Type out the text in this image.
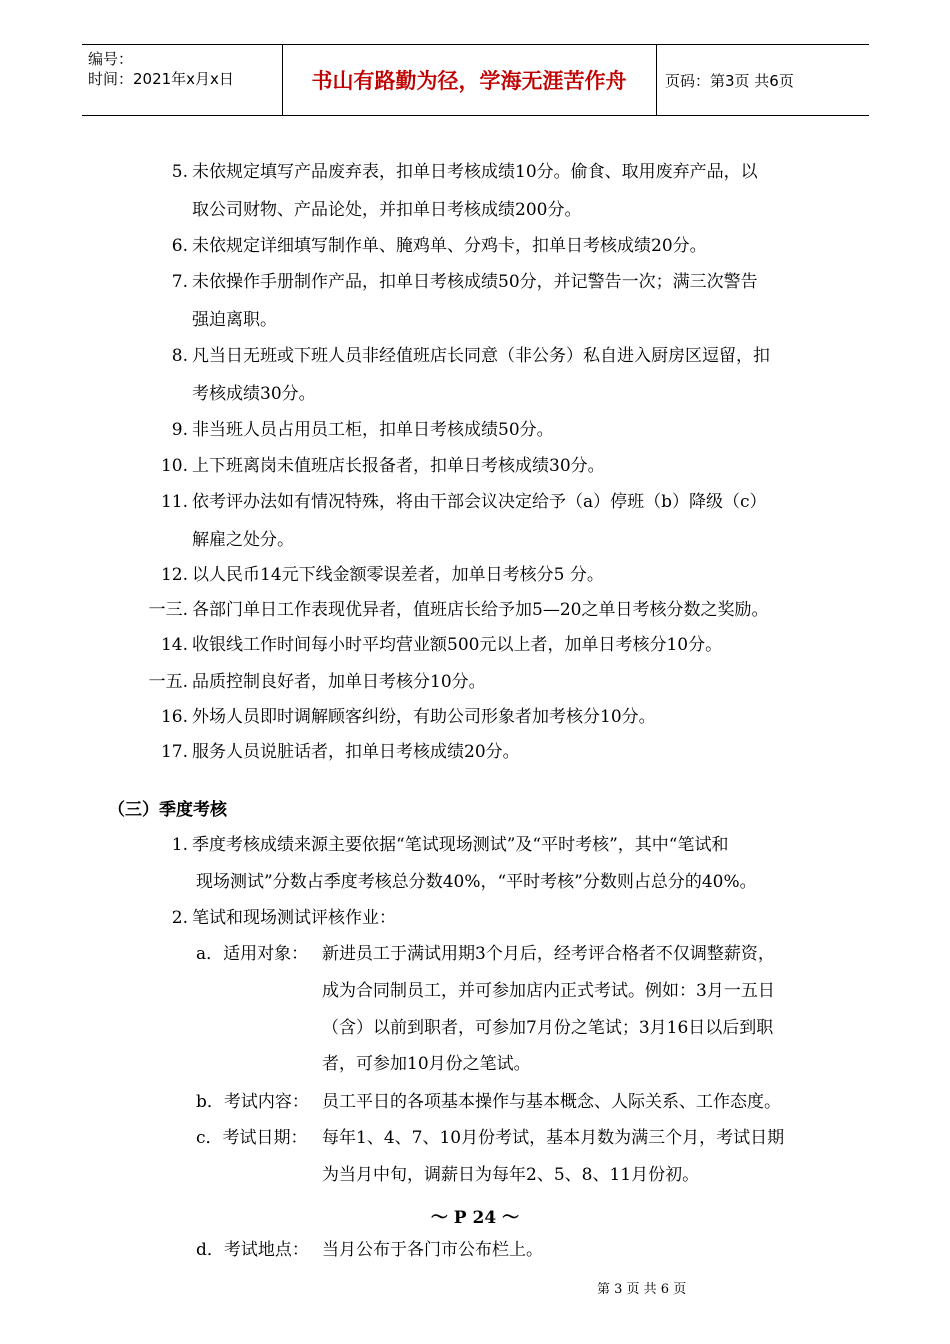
编号：
时间：2021年x月x日	书山有路勤为径，学海无涯苦作舟	页码：第3页 共6页
5. 未依规定填写产品废弃表，扣单日考核成绩10分。偷食、取用废弃产品，以
取公司财物、产品论处，并扣单日考核成绩200分。
6. 未依规定详细填写制作单、腌鸡单、分鸡卡，扣单日考核成绩20分。
7. 未依操作手册制作产品，扣单日考核成绩50分，并记警告一次；满三次警告
强迫离职。
8. 凡当日无班或下班人员非经值班店长同意（非公务）私自进入厨房区逗留，扣
考核成绩30分。
9. 非当班人员占用员工柜，扣单日考核成绩50分。
10. 上下班离岗未值班店长报备者，扣单日考核成绩30分。
11. 依考评办法如有情况特殊，将由干部会议决定给予（a）停班（b）降级（c）
解雇之处分。
12. 以人民币14元下线金额零误差者，加单日考核分5 分。
一三. 各部门单日工作表现优异者，值班店长给予加5—20之单日考核分数之奖励。
14. 收银线工作时间每小时平均营业额500元以上者，加单日考核分10分。
一五. 品质控制良好者，加单日考核分10分。
16. 外场人员即时调解顾客纠纷，有助公司形象者加考核分10分。
17. 服务人员说脏话者，扣单日考核成绩20分。
（三）季度考核
1. 季度考核成绩来源主要依据“笔试现场测试”及“平时考核”，其中“笔试和
现场测试”分数占季度考核总分数40%，“平时考核”分数则占总分的40%。
2. 笔试和现场测试评核作业：
a．适用对象： 新进员工于满试用期3个月后，经考评合格者不仅调整薪资，
成为合同制员工，并可参加店内正式考试。例如：3月一五日
（含）以前到职者，可参加7月份之笔试；3月16日以后到职
者，可参加10月份之笔试。
b．考试内容： 员工平日的各项基本操作与基本概念、人际关系、工作态度。
c．考试日期： 每年1、4、7、10月份考试，基本月数为满三个月，考试日期
为当月中旬，调薪日为每年2、5、8、11月份初。
～ P 24 ～
d．考试地点： 当月公布于各门市公布栏上。
第 3 页 共 6 页
